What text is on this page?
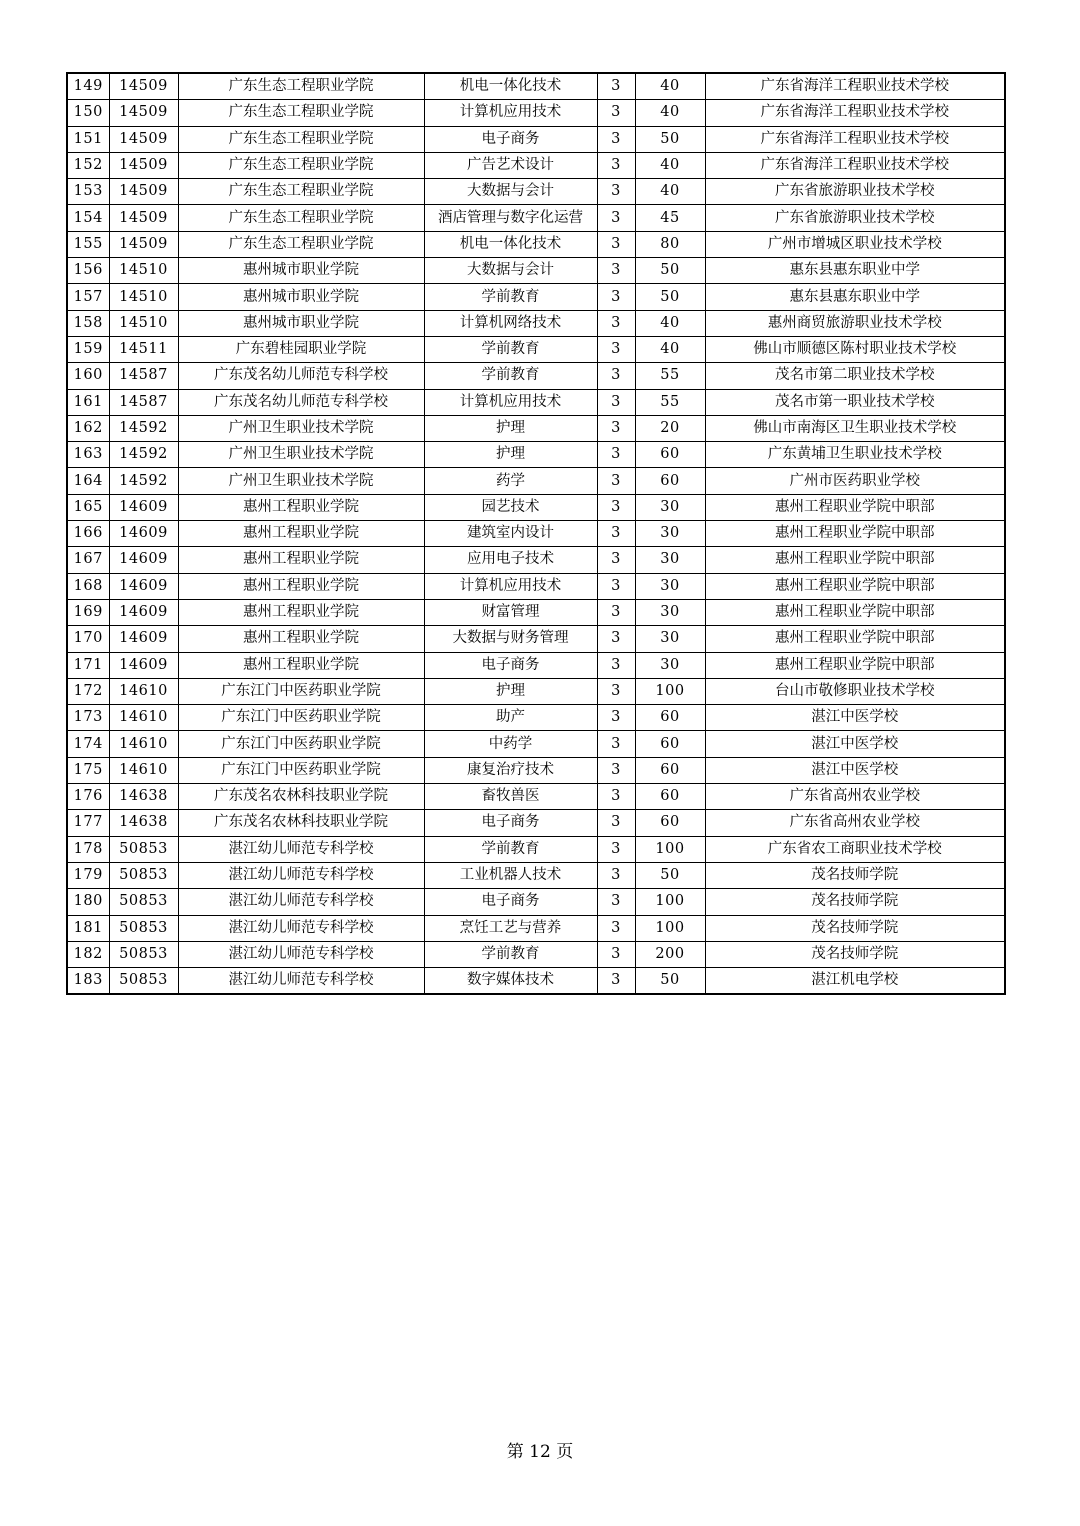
149	14509	广东生态工程职业学院	机电一体化技术	3	40	广东省海洋工程职业技术学校
150	14509	广东生态工程职业学院	计算机应用技术	3	40	广东省海洋工程职业技术学校
151	14509	广东生态工程职业学院	电子商务	3	50	广东省海洋工程职业技术学校
152	14509	广东生态工程职业学院	广告艺术设计	3	40	广东省海洋工程职业技术学校
153	14509	广东生态工程职业学院	大数据与会计	3	40	广东省旅游职业技术学校
154	14509	广东生态工程职业学院	酒店管理与数字化运营	3	45	广东省旅游职业技术学校
155	14509	广东生态工程职业学院	机电一体化技术	3	80	广州市增城区职业技术学校
156	14510	惠州城市职业学院	大数据与会计	3	50	惠东县惠东职业中学
157	14510	惠州城市职业学院	学前教育	3	50	惠东县惠东职业中学
158	14510	惠州城市职业学院	计算机网络技术	3	40	惠州商贸旅游职业技术学校
159	14511	广东碧桂园职业学院	学前教育	3	40	佛山市顺德区陈村职业技术学校
160	14587	广东茂名幼儿师范专科学校	学前教育	3	55	茂名市第二职业技术学校
161	14587	广东茂名幼儿师范专科学校	计算机应用技术	3	55	茂名市第一职业技术学校
162	14592	广州卫生职业技术学院	护理	3	20	佛山市南海区卫生职业技术学校
163	14592	广州卫生职业技术学院	护理	3	60	广东黄埔卫生职业技术学校
164	14592	广州卫生职业技术学院	药学	3	60	广州市医药职业学校
165	14609	惠州工程职业学院	园艺技术	3	30	惠州工程职业学院中职部
166	14609	惠州工程职业学院	建筑室内设计	3	30	惠州工程职业学院中职部
167	14609	惠州工程职业学院	应用电子技术	3	30	惠州工程职业学院中职部
168	14609	惠州工程职业学院	计算机应用技术	3	30	惠州工程职业学院中职部
169	14609	惠州工程职业学院	财富管理	3	30	惠州工程职业学院中职部
170	14609	惠州工程职业学院	大数据与财务管理	3	30	惠州工程职业学院中职部
171	14609	惠州工程职业学院	电子商务	3	30	惠州工程职业学院中职部
172	14610	广东江门中医药职业学院	护理	3	100	台山市敬修职业技术学校
173	14610	广东江门中医药职业学院	助产	3	60	湛江中医学校
174	14610	广东江门中医药职业学院	中药学	3	60	湛江中医学校
175	14610	广东江门中医药职业学院	康复治疗技术	3	60	湛江中医学校
176	14638	广东茂名农林科技职业学院	畜牧兽医	3	60	广东省高州农业学校
177	14638	广东茂名农林科技职业学院	电子商务	3	60	广东省高州农业学校
178	50853	湛江幼儿师范专科学校	学前教育	3	100	广东省农工商职业技术学校
179	50853	湛江幼儿师范专科学校	工业机器人技术	3	50	茂名技师学院
180	50853	湛江幼儿师范专科学校	电子商务	3	100	茂名技师学院
181	50853	湛江幼儿师范专科学校	烹饪工艺与营养	3	100	茂名技师学院
182	50853	湛江幼儿师范专科学校	学前教育	3	200	茂名技师学院
183	50853	湛江幼儿师范专科学校	数字媒体技术	3	50	湛江机电学校
第 12 页
